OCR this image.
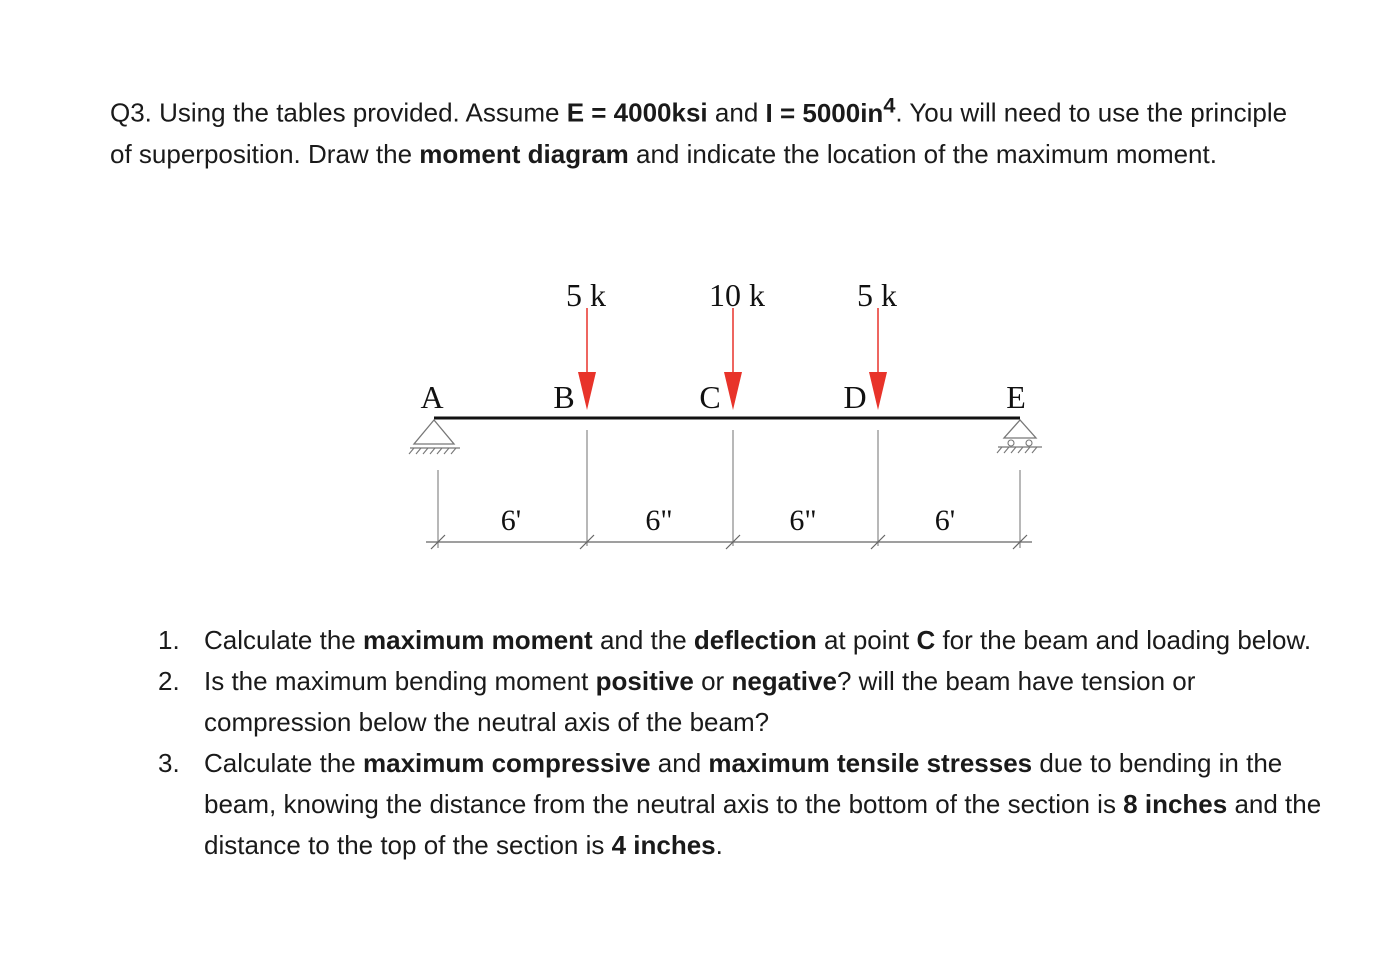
Q3. Using the tables provided. Assume E = 4000ksi and $I = 5000in^4$. You will need to use the principle of superposition. Draw the moment diagram and indicate the location of the maximum moment.
5 k	10 k	5 k
A	B	C	D	E
6'	6"	6"	6'
1. Calculate the maximum moment and the deflection at point C for the beam and loading below.
2. Is the maximum bending moment positive or negative? will the beam have tension or compression below the neutral axis of the beam?
3. Calculate the maximum compressive and maximum tensile stresses due to bending in the beam, knowing the distance from the neutral axis to the bottom of the section is 8 inches and the distance to the top of the section is 4 inches.
